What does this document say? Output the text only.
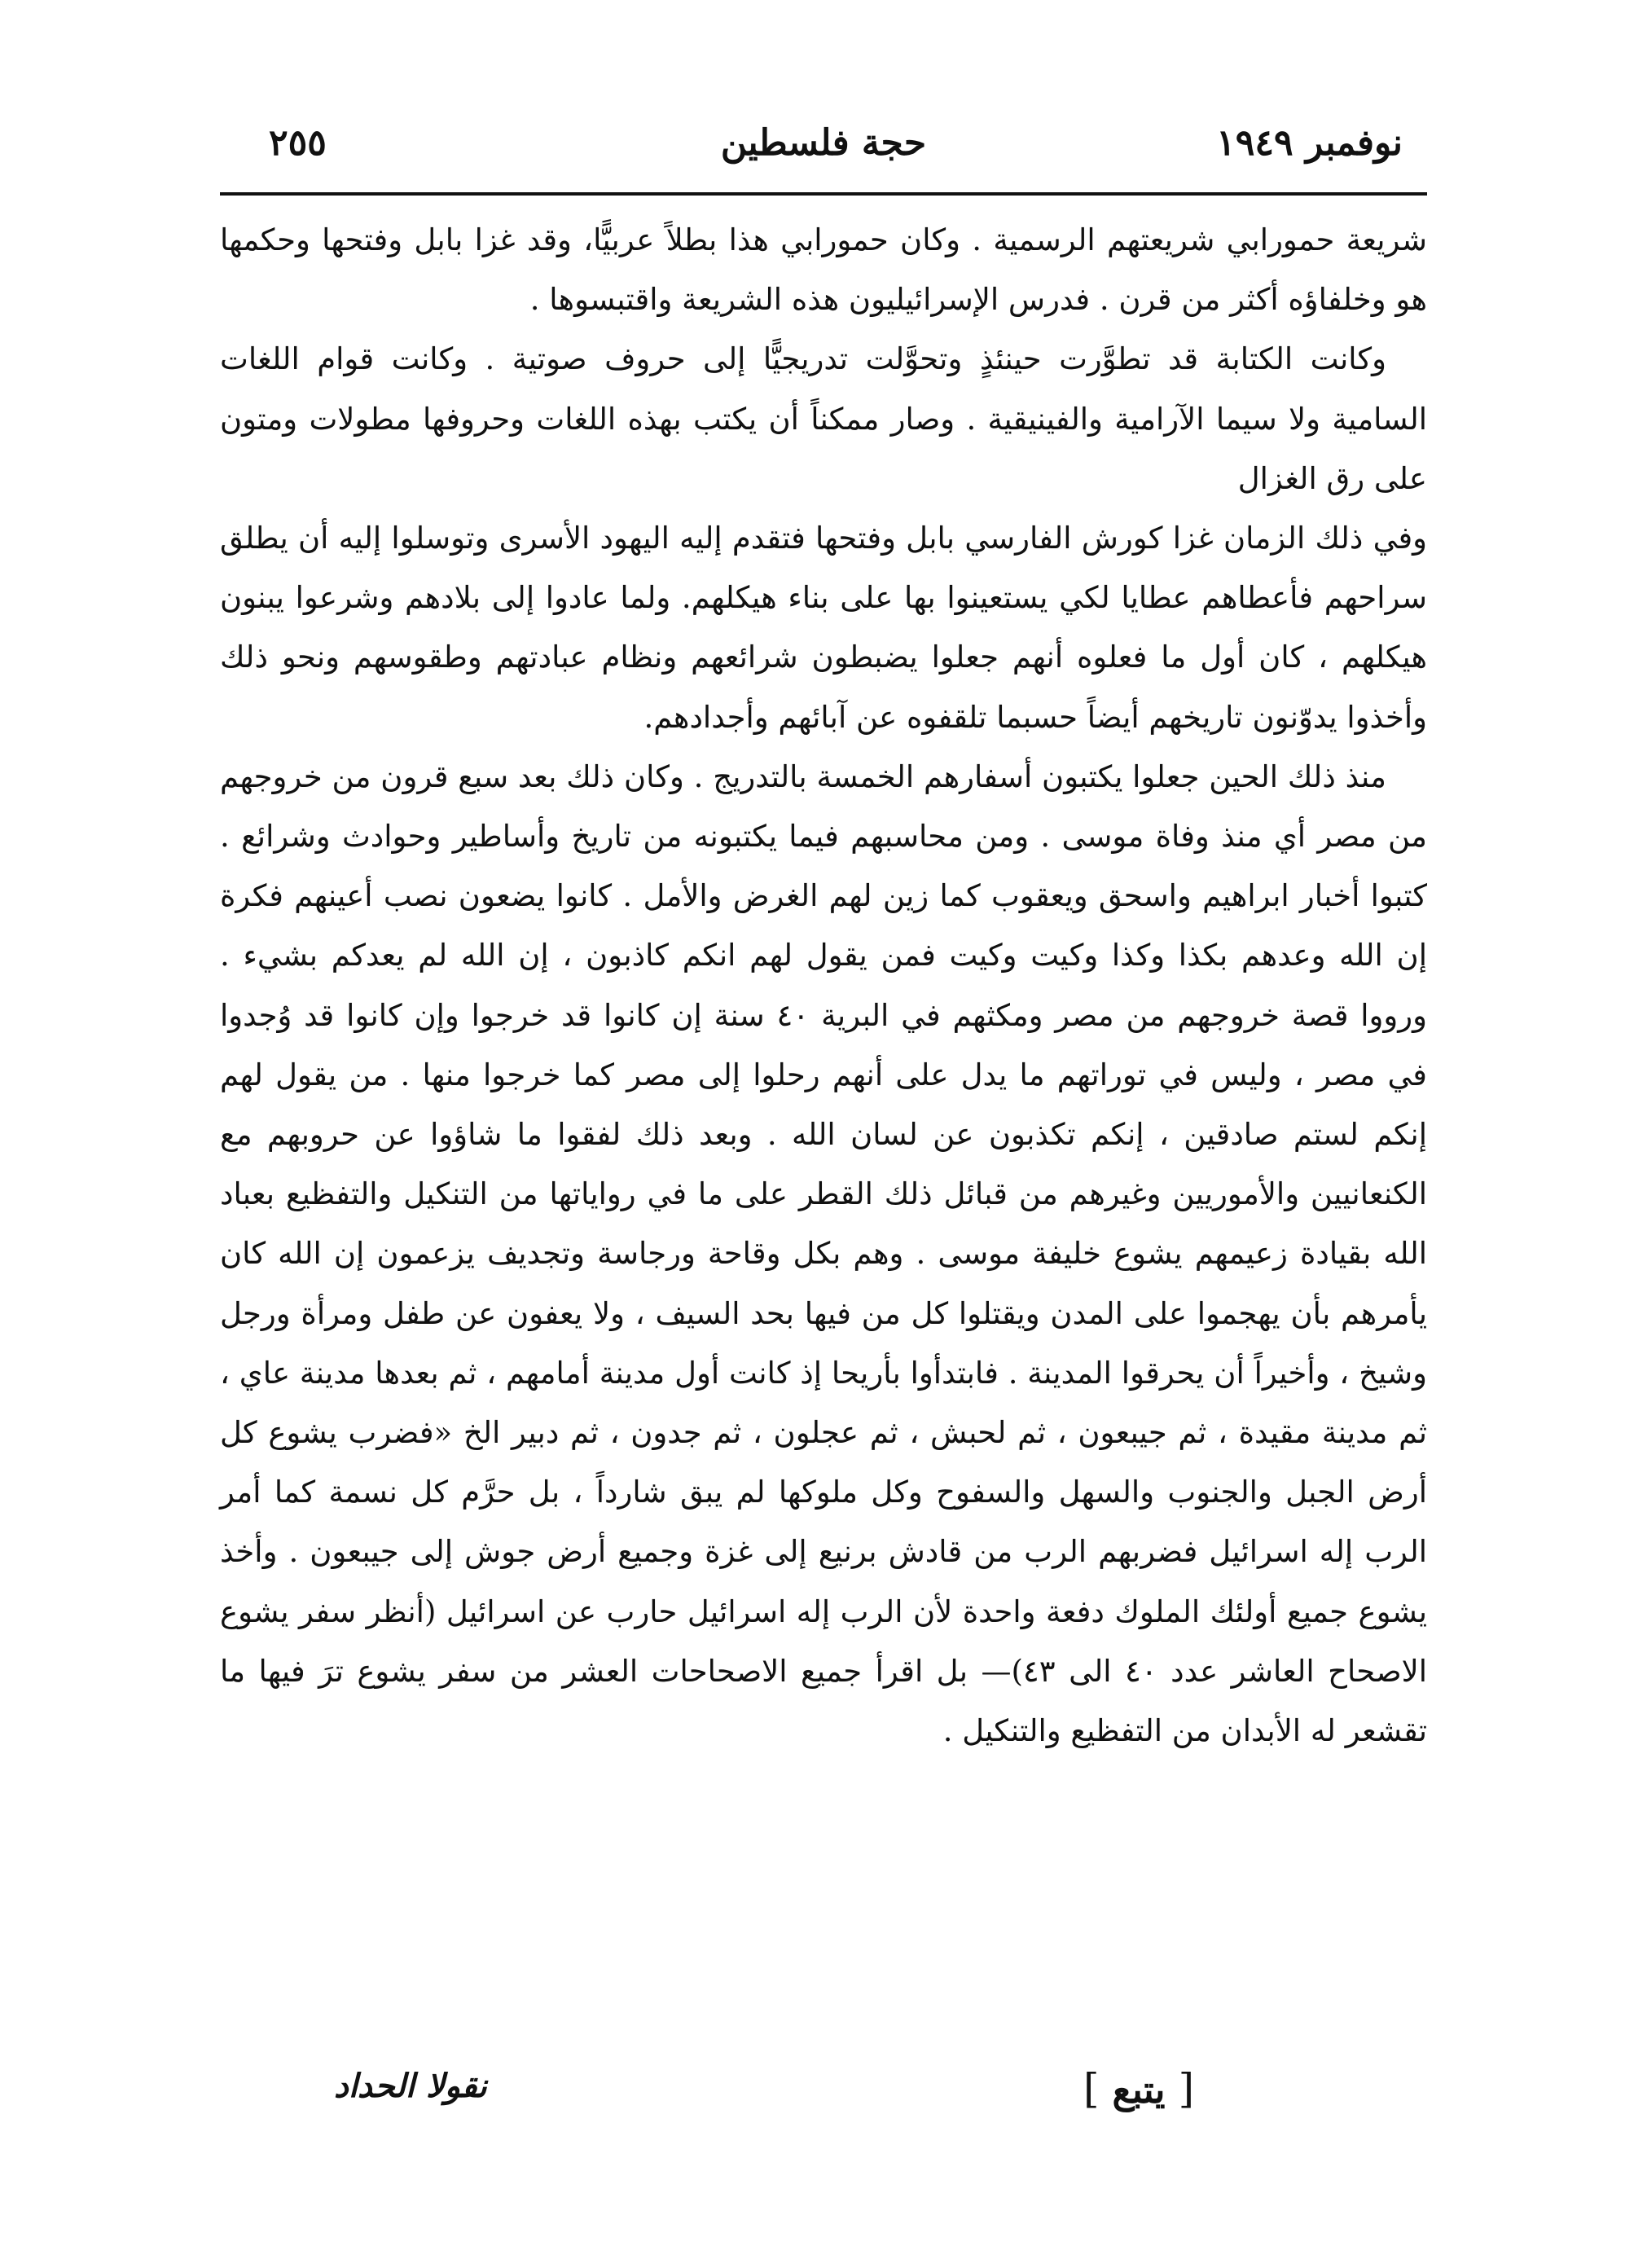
٢٥٥	حجة فلسطين	نوفمبر ١٩٤٩

شريعة حمورابي شريعتهم الرسمية . وكان حمورابي هذا بطلاً عربيًّا، وقد غزا بابل وفتحها وحكمها هو وخلفاؤه أكثر من قرن . فدرس الإسرائيليون هذه الشريعة واقتبسوها .

وكانت الكتابة قد تطوَّرت حينئذٍ وتحوَّلت تدريجيًّا إلى حروف صوتية . وكانت قوام اللغات السامية ولا سيما الآرامية والفينيقية . وصار ممكناً أن يكتب بهذه اللغات وحروفها مطولات ومتون على رق الغزال

وفي ذلك الزمان غزا كورش الفارسي بابل وفتحها فتقدم إليه اليهود الأسرى وتوسلوا إليه أن يطلق سراحهم فأعطاهم عطايا لكي يستعينوا بها على بناء هيكلهم. ولما عادوا إلى بلادهم وشرعوا يبنون هيكلهم ، كان أول ما فعلوه أنهم جعلوا يضبطون شرائعهم ونظام عبادتهم وطقوسهم ونحو ذلك وأخذوا يدوّنون تاريخهم أيضاً حسبما تلقفوه عن آبائهم وأجدادهم.

منذ ذلك الحين جعلوا يكتبون أسفارهم الخمسة بالتدريج . وكان ذلك بعد سبع قرون من خروجهم من مصر أي منذ وفاة موسى . ومن محاسبهم فيما يكتبونه من تاريخ وأساطير وحوادث وشرائع . كتبوا أخبار ابراهيم واسحق ويعقوب كما زين لهم الغرض والأمل . كانوا يضعون نصب أعينهم فكرة إن الله وعدهم بكذا وكذا وكيت وكيت فمن يقول لهم انكم كاذبون ، إن الله لم يعدكم بشيء . ورووا قصة خروجهم من مصر ومكثهم في البرية ٤٠ سنة إن كانوا قد خرجوا وإن كانوا قد وُجدوا في مصر ، وليس في توراتهم ما يدل على أنهم رحلوا إلى مصر كما خرجوا منها . من يقول لهم إنكم لستم صادقين ، إنكم تكذبون عن لسان الله . وبعد ذلك لفقوا ما شاؤوا عن حروبهم مع الكنعانيين والأموريين وغيرهم من قبائل ذلك القطر على ما في رواياتها من التنكيل والتفظيع بعباد الله بقيادة زعيمهم يشوع خليفة موسى . وهم بكل وقاحة ورجاسة وتجديف يزعمون إن الله كان يأمرهم بأن يهجموا على المدن ويقتلوا كل من فيها بحد السيف ، ولا يعفون عن طفل ومرأة ورجل وشيخ ، وأخيراً أن يحرقوا المدينة . فابتدأوا بأريحا إذ كانت أول مدينة أمامهم ، ثم بعدها مدينة عاي ، ثم مدينة مقيدة ، ثم جيبعون ، ثم لحبش ، ثم عجلون ، ثم جدون ، ثم دبير الخ «فضرب يشوع كل أرض الجبل والجنوب والسهل والسفوح وكل ملوكها لم يبق شارداً ، بل حرَّم كل نسمة كما أمر الرب إله اسرائيل فضربهم الرب من قادش برنيع إلى غزة وجميع أرض جوش إلى جيبعون . وأخذ يشوع جميع أولئك الملوك دفعة واحدة لأن الرب إله اسرائيل حارب عن اسرائيل (أنظر سفر يشوع الاصحاح العاشر عدد ٤٠ الى ٤٣)— بل اقرأ جميع الاصحاحات العشر من سفر يشوع ترَ فيها ما تقشعر له الأبدان من التفظيع والتنكيل .

[ يتبع ]
نقولا الحداد
